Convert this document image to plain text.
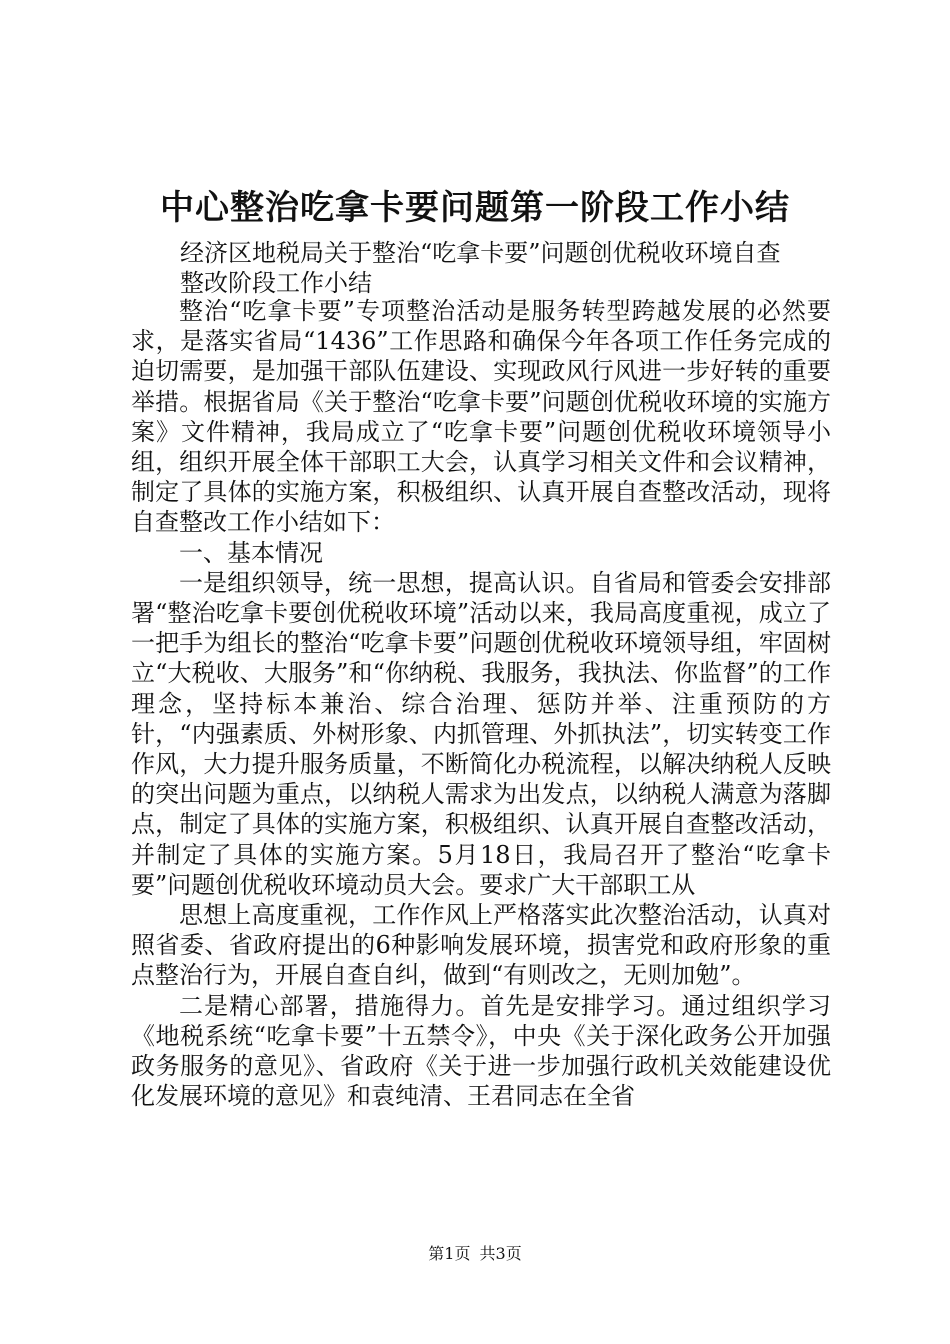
中心整治吃拿卡要问题第一阶段工作小结

经济区地税局关于整治“吃拿卡要”问题创优税收环境自查整改阶段工作小结

整治“吃拿卡要”专项整治活动是服务转型跨越发展的必然要求，是落实省局“1436”工作思路和确保今年各项工作任务完成的迫切需要，是加强干部队伍建设、实现政风行风进一步好转的重要举措。根据省局《关于整治“吃拿卡要”问题创优税收环境的实施方案》文件精神，我局成立了“吃拿卡要”问题创优税收环境领导小组，组织开展全体干部职工大会，认真学习相关文件和会议精神，制定了具体的实施方案，积极组织、认真开展自查整改活动，现将自查整改工作小结如下：

一、基本情况

一是组织领导，统一思想，提高认识。自省局和管委会安排部署“整治吃拿卡要创优税收环境”活动以来，我局高度重视，成立了一把手为组长的整治“吃拿卡要”问题创优税收环境领导组，牢固树立“大税收、大服务”和“你纳税、我服务，我执法、你监督”的工作理念，坚持标本兼治、综合治理、惩防并举、注重预防的方针，“内强素质、外树形象、内抓管理、外抓执法”，切实转变工作作风，大力提升服务质量，不断简化办税流程，以解决纳税人反映的突出问题为重点，以纳税人需求为出发点，以纳税人满意为落脚点，制定了具体的实施方案，积极组织、认真开展自查整改活动，并制定了具体的实施方案。5月18日，我局召开了整治“吃拿卡要”问题创优税收环境动员大会。要求广大干部职工从

思想上高度重视，工作作风上严格落实此次整治活动，认真对照省委、省政府提出的6种影响发展环境，损害党和政府形象的重点整治行为，开展自查自纠，做到“有则改之，无则加勉”。

二是精心部署，措施得力。首先是安排学习。通过组织学习《地税系统“吃拿卡要”十五禁令》，中央《关于深化政务公开加强政务服务的意见》、省政府《关于进一步加强行政机关效能建设优化发展环境的意见》和袁纯清、王君同志在全省

第1页 共3页
